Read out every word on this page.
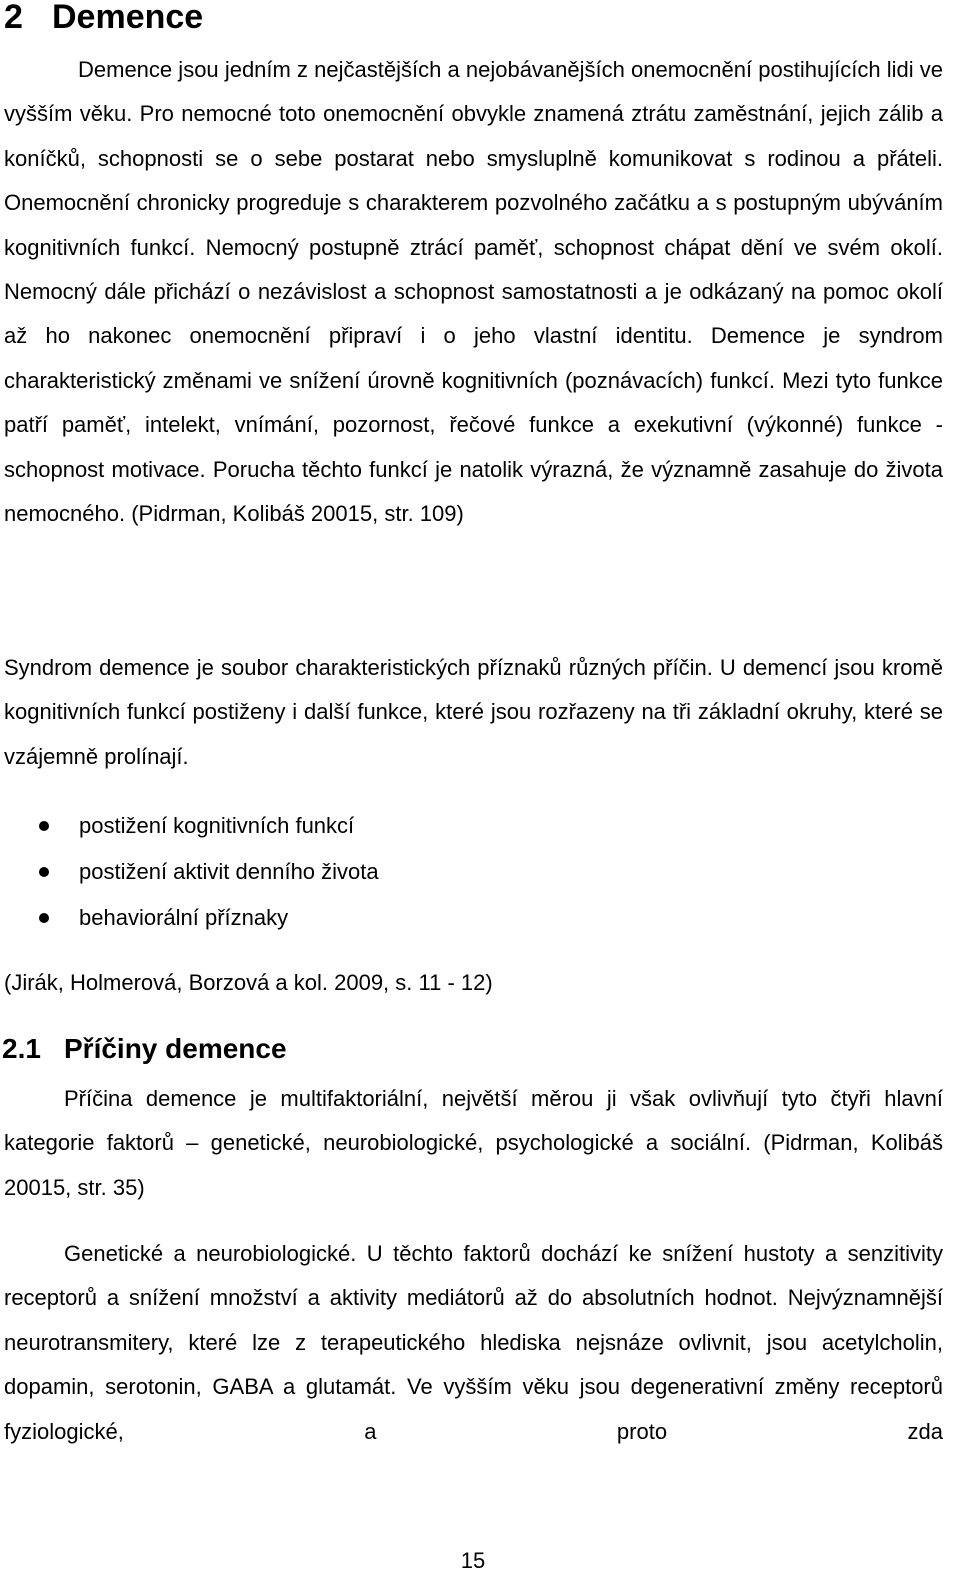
2 Demence

Demence jsou jedním z nejčastějších a nejobávanějších onemocnění postihujících lidi ve vyšším věku. Pro nemocné toto onemocnění obvykle znamená ztrátu zaměstnání, jejich zálib a koníčků, schopnosti se o sebe postarat nebo smysluplně komunikovat s rodinou a přáteli. Onemocnění chronicky progreduje s charakterem pozvolného začátku a s postupným ubýváním kognitivních funkcí. Nemocný postupně ztrácí paměť, schopnost chápat dění ve svém okolí. Nemocný dále přichází o nezávislost a schopnost samostatnosti a je odkázaný na pomoc okolí až ho nakonec onemocnění připraví i o jeho vlastní identitu. Demence je syndrom charakteristický změnami ve snížení úrovně kognitivních (poznávacích) funkcí. Mezi tyto funkce patří paměť, intelekt, vnímání, pozornost, řečové funkce a exekutivní (výkonné) funkce - schopnost motivace. Porucha těchto funkcí je natolik výrazná, že významně zasahuje do života nemocného. (Pidrman, Kolibáš 20015, str. 109)

Syndrom demence je soubor charakteristických příznaků různých příčin. U demencí jsou kromě kognitivních funkcí postiženy i další funkce, které jsou rozřazeny na tři základní okruhy, které se vzájemně prolínají.

postižení kognitivních funkcí
postižení aktivit denního života
behaviorální příznaky

(Jirák, Holmerová, Borzová a kol. 2009, s. 11 - 12)

2.1 Příčiny demence

Příčina demence je multifaktoriální, největší měrou ji však ovlivňují tyto čtyři hlavní kategorie faktorů – genetické, neurobiologické, psychologické a sociální. (Pidrman, Kolibáš 20015, str. 35)

Genetické a neurobiologické. U těchto faktorů dochází ke snížení hustoty a senzitivity receptorů a snížení množství a aktivity mediátorů až do absolutních hodnot. Nejvýznamnější neurotransmitery, které lze z terapeutického hlediska nejsnáze ovlivnit, jsou acetylcholin, dopamin, serotonin, GABA a glutamát. Ve vyšším věku jsou degenerativní změny receptorů fyziologické, a proto zda

15
